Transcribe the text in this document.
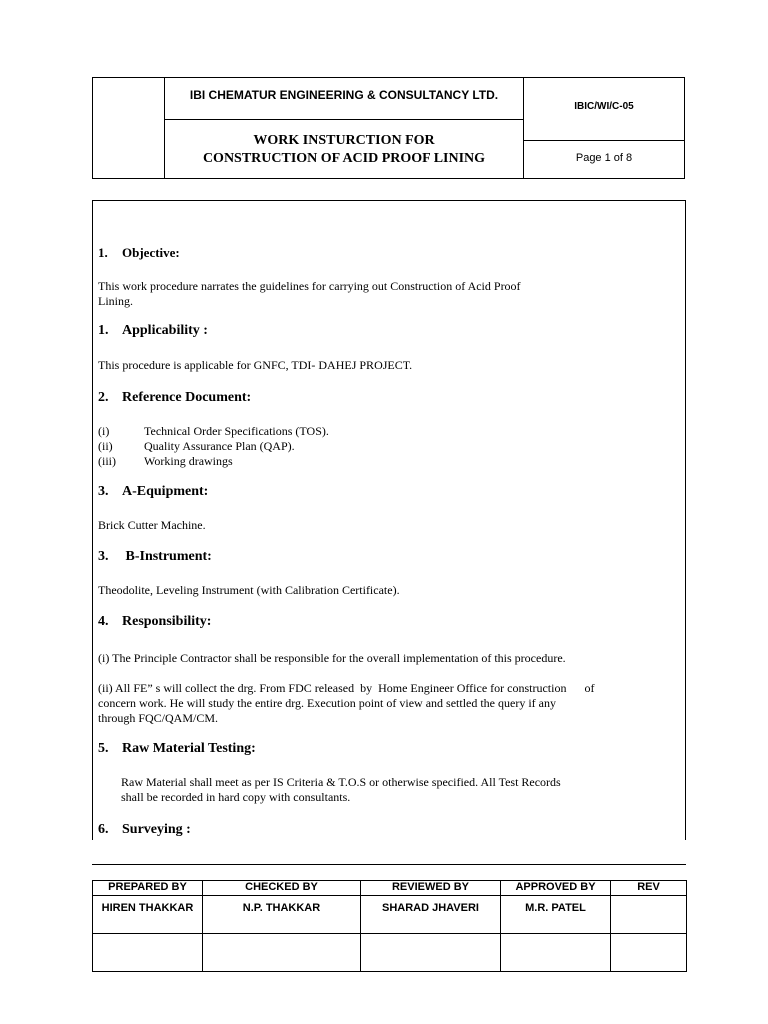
IBI CHEMATUR ENGINEERING & CONSULTANCY LTD.
WORK INSTURCTION FOR
CONSTRUCTION OF ACID PROOF LINING
IBIC/WI/C-05
Page 1 of 8
1. Objective:
This work procedure narrates the guidelines for carrying out Construction of Acid Proof
Lining.
1. Applicability :
This procedure is applicable for GNFC, TDI- DAHEJ PROJECT.
2. Reference Document:
(i)	Technical Order Specifications (TOS).
(ii)	Quality Assurance Plan (QAP).
(iii) Working drawings
3. A-Equipment:
Brick Cutter Machine.
3. B-Instrument:
Theodolite, Leveling Instrument (with Calibration Certificate).
4. Responsibility:
(i) The Principle Contractor shall be responsible for the overall implementation of this procedure.
(ii) All FE” s will collect the drg. From FDC released  by  Home Engineer Office for construction      of
concern work. He will study the entire drg. Execution point of view and settled the query if any
through FQC/QAM/CM.
5. Raw Material Testing:
Raw Material shall meet as per IS Criteria & T.O.S or otherwise specified. All Test Records
shall be recorded in hard copy with consultants.
6. Surveying :
PREPARED BY	CHECKED BY	REVIEWED BY	APPROVED BY	REV
HIREN THAKKAR	N.P. THAKKAR	SHARAD JHAVERI	M.R. PATEL	
